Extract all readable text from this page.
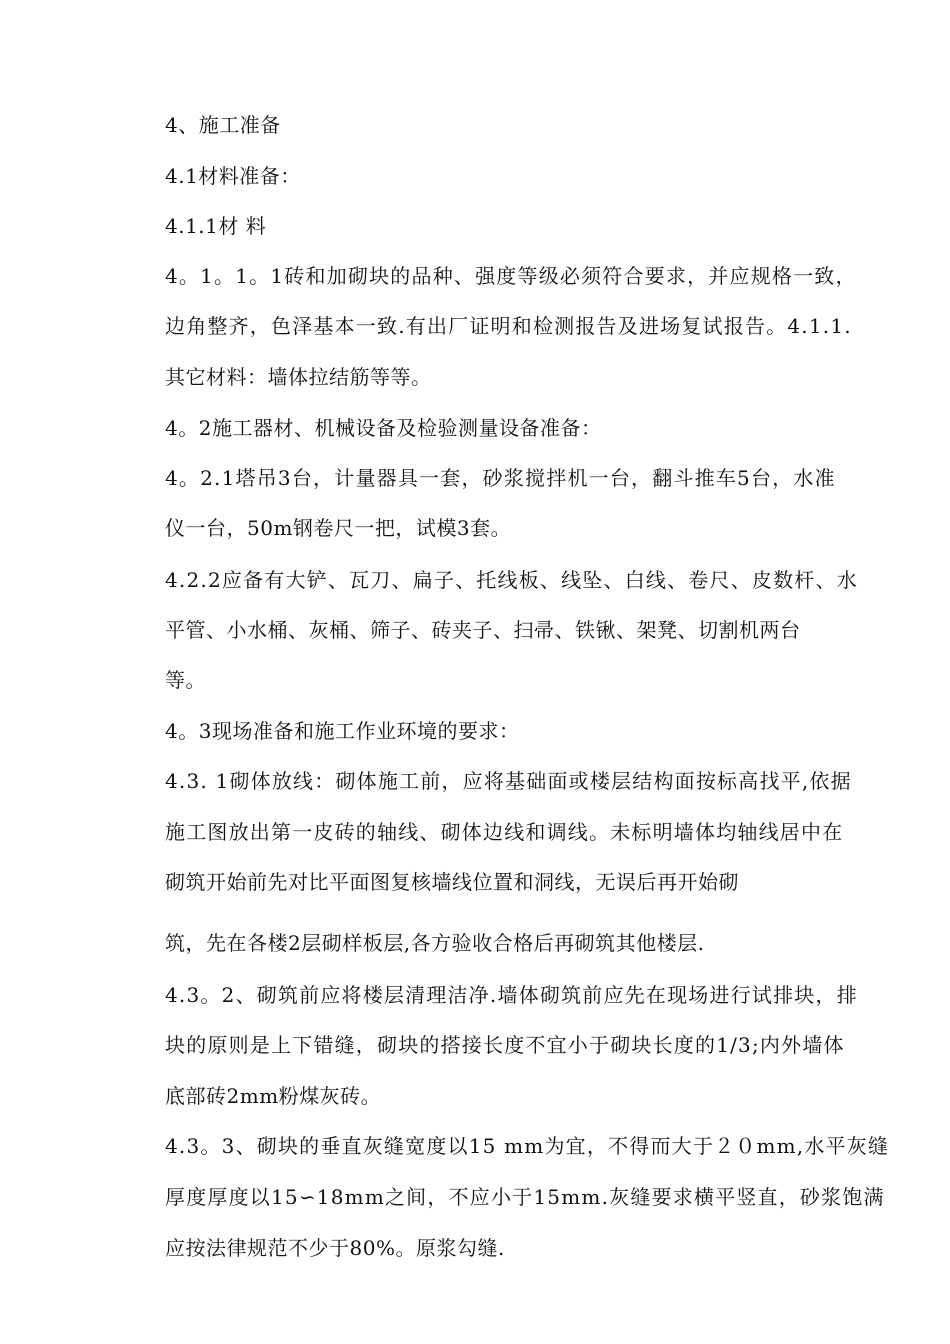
4、施工准备
4.1材料准备：
4.1.1材 料
4。1。1。1砖和加砌块的品种、强度等级必须符合要求，并应规格一致，
边角整齐，色泽基本一致.有出厂证明和检测报告及进场复试报告。4.1.1.
其它材料：墙体拉结筋等等。
4。2施工器材、机械设备及检验测量设备准备：
4。2.1塔吊3台，计量器具一套，砂浆搅拌机一台，翻斗推车5台，水准
仪一台，50m钢卷尺一把，试模3套。
4.2.2应备有大铲、瓦刀、扁子、托线板、线坠、白线、卷尺、皮数杆、水
平管、小水桶、灰桶、筛子、砖夹子、扫帚、铁锹、架凳、切割机两台
等。
4。3现场准备和施工作业环境的要求：
4.3. 1砌体放线：砌体施工前，应将基础面或楼层结构面按标高找平,依据
施工图放出第一皮砖的轴线、砌体边线和调线。未标明墙体均轴线居中在
砌筑开始前先对比平面图复核墙线位置和洞线，无误后再开始砌
筑，先在各楼2层砌样板层,各方验收合格后再砌筑其他楼层.
4.3。2、砌筑前应将楼层清理洁净.墙体砌筑前应先在现场进行试排块，排
块的原则是上下错缝，砌块的搭接长度不宜小于砌块长度的1/3;内外墙体
底部砖2mm粉煤灰砖。
4.3。3、砌块的垂直灰缝宽度以15 mm为宜，不得而大于２０mm,水平灰缝
厚度厚度以15∽18mm之间，不应小于15mm.灰缝要求横平竖直，砂浆饱满
应按法律规范不少于80%。原浆勾缝.
